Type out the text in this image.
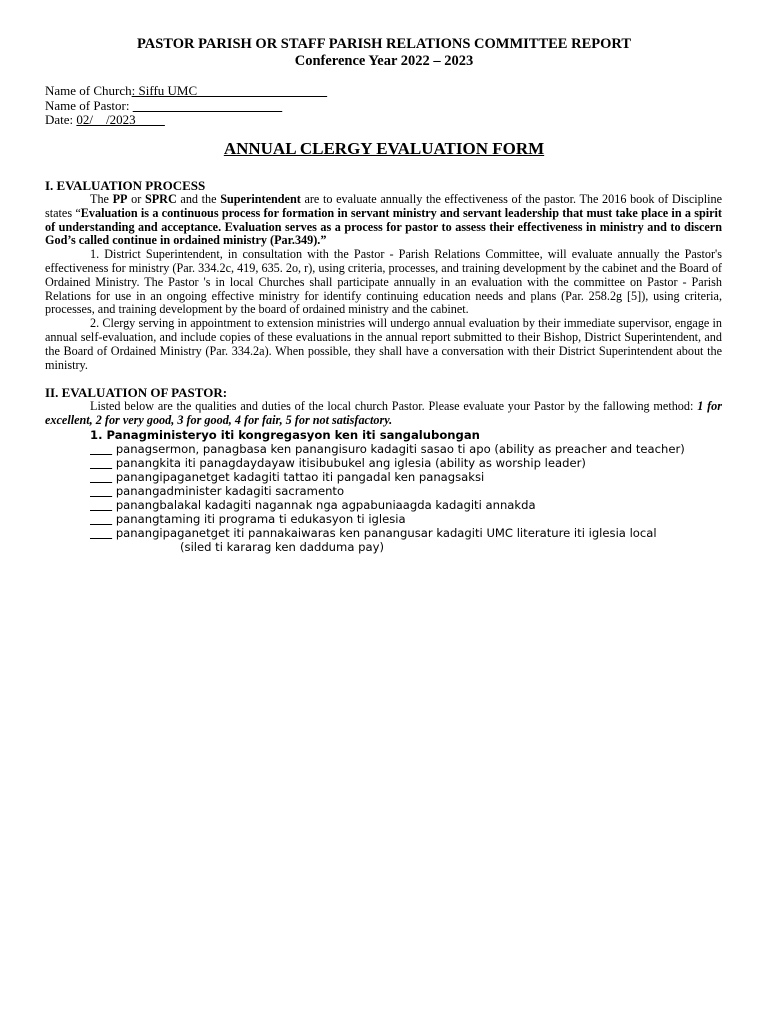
PASTOR PARISH OR STAFF PARISH RELATIONS COMMITTEE REPORT
Conference Year 2022 – 2023
Name of Church: Siffu UMC
Name of Pastor:
Date: 02/    /2023
ANNUAL CLERGY EVALUATION FORM
I. EVALUATION PROCESS

The PP or SPRC and the Superintendent are to evaluate annually the effectiveness of the pastor. The 2016 book of Discipline states “Evaluation is a continuous process for formation in servant ministry and servant leadership that must take place in a spirit of understanding and acceptance. Evaluation serves as a process for pastor to assess their effectiveness in ministry and to discern God’s called continue in ordained ministry (Par.349).”

1. District Superintendent, in consultation with the Pastor - Parish Relations Committee, will evaluate annually the Pastor's effectiveness for ministry (Par. 334.2c, 419, 635. 2o, r), using criteria, processes, and training development by the cabinet and the Board of Ordained Ministry. The Pastor 's in local Churches shall participate annually in an evaluation with the committee on Pastor - Parish Relations for use in an ongoing effective ministry for identify continuing education needs and plans (Par. 258.2g [5]), using criteria, processes, and training development by the board of ordained ministry and the cabinet.

2. Clergy serving in appointment to extension ministries will undergo annual evaluation by their immediate supervisor, engage in annual self-evaluation, and include copies of these evaluations in the annual report submitted to their Bishop, District Superintendent, and the Board of Ordained Ministry (Par. 334.2a). When possible, they shall have a conversation with their District Superintendent about the ministry.

II. EVALUATION OF PASTOR:

Listed below are the qualities and duties of the local church Pastor. Please evaluate your Pastor by the fallowing method: 1 for excellent, 2 for very good, 3 for good, 4 for fair, 5 for not satisfactory.

1. Panagministeryo iti kongregasyon ken iti sangalubongan
panagsermon, panagbasa ken panangisuro kadagiti sasao ti apo (ability as preacher and teacher)
panangkita iti panagdaydayaw itisibubukel ang iglesia (ability as worship leader)
panangipaganetget kadagiti tattao iti pangadal ken panagsaksi
panangadminister kadagiti sacramento
panangbalakal kadagiti nagannak nga agpabuniaagda kadagiti annakda
panangtaming iti programa ti edukasyon ti iglesia
panangipaganetget iti pannakaiwaras ken panangusar kadagiti UMC literature iti iglesia local
(siled ti kararag ken dadduma pay)
